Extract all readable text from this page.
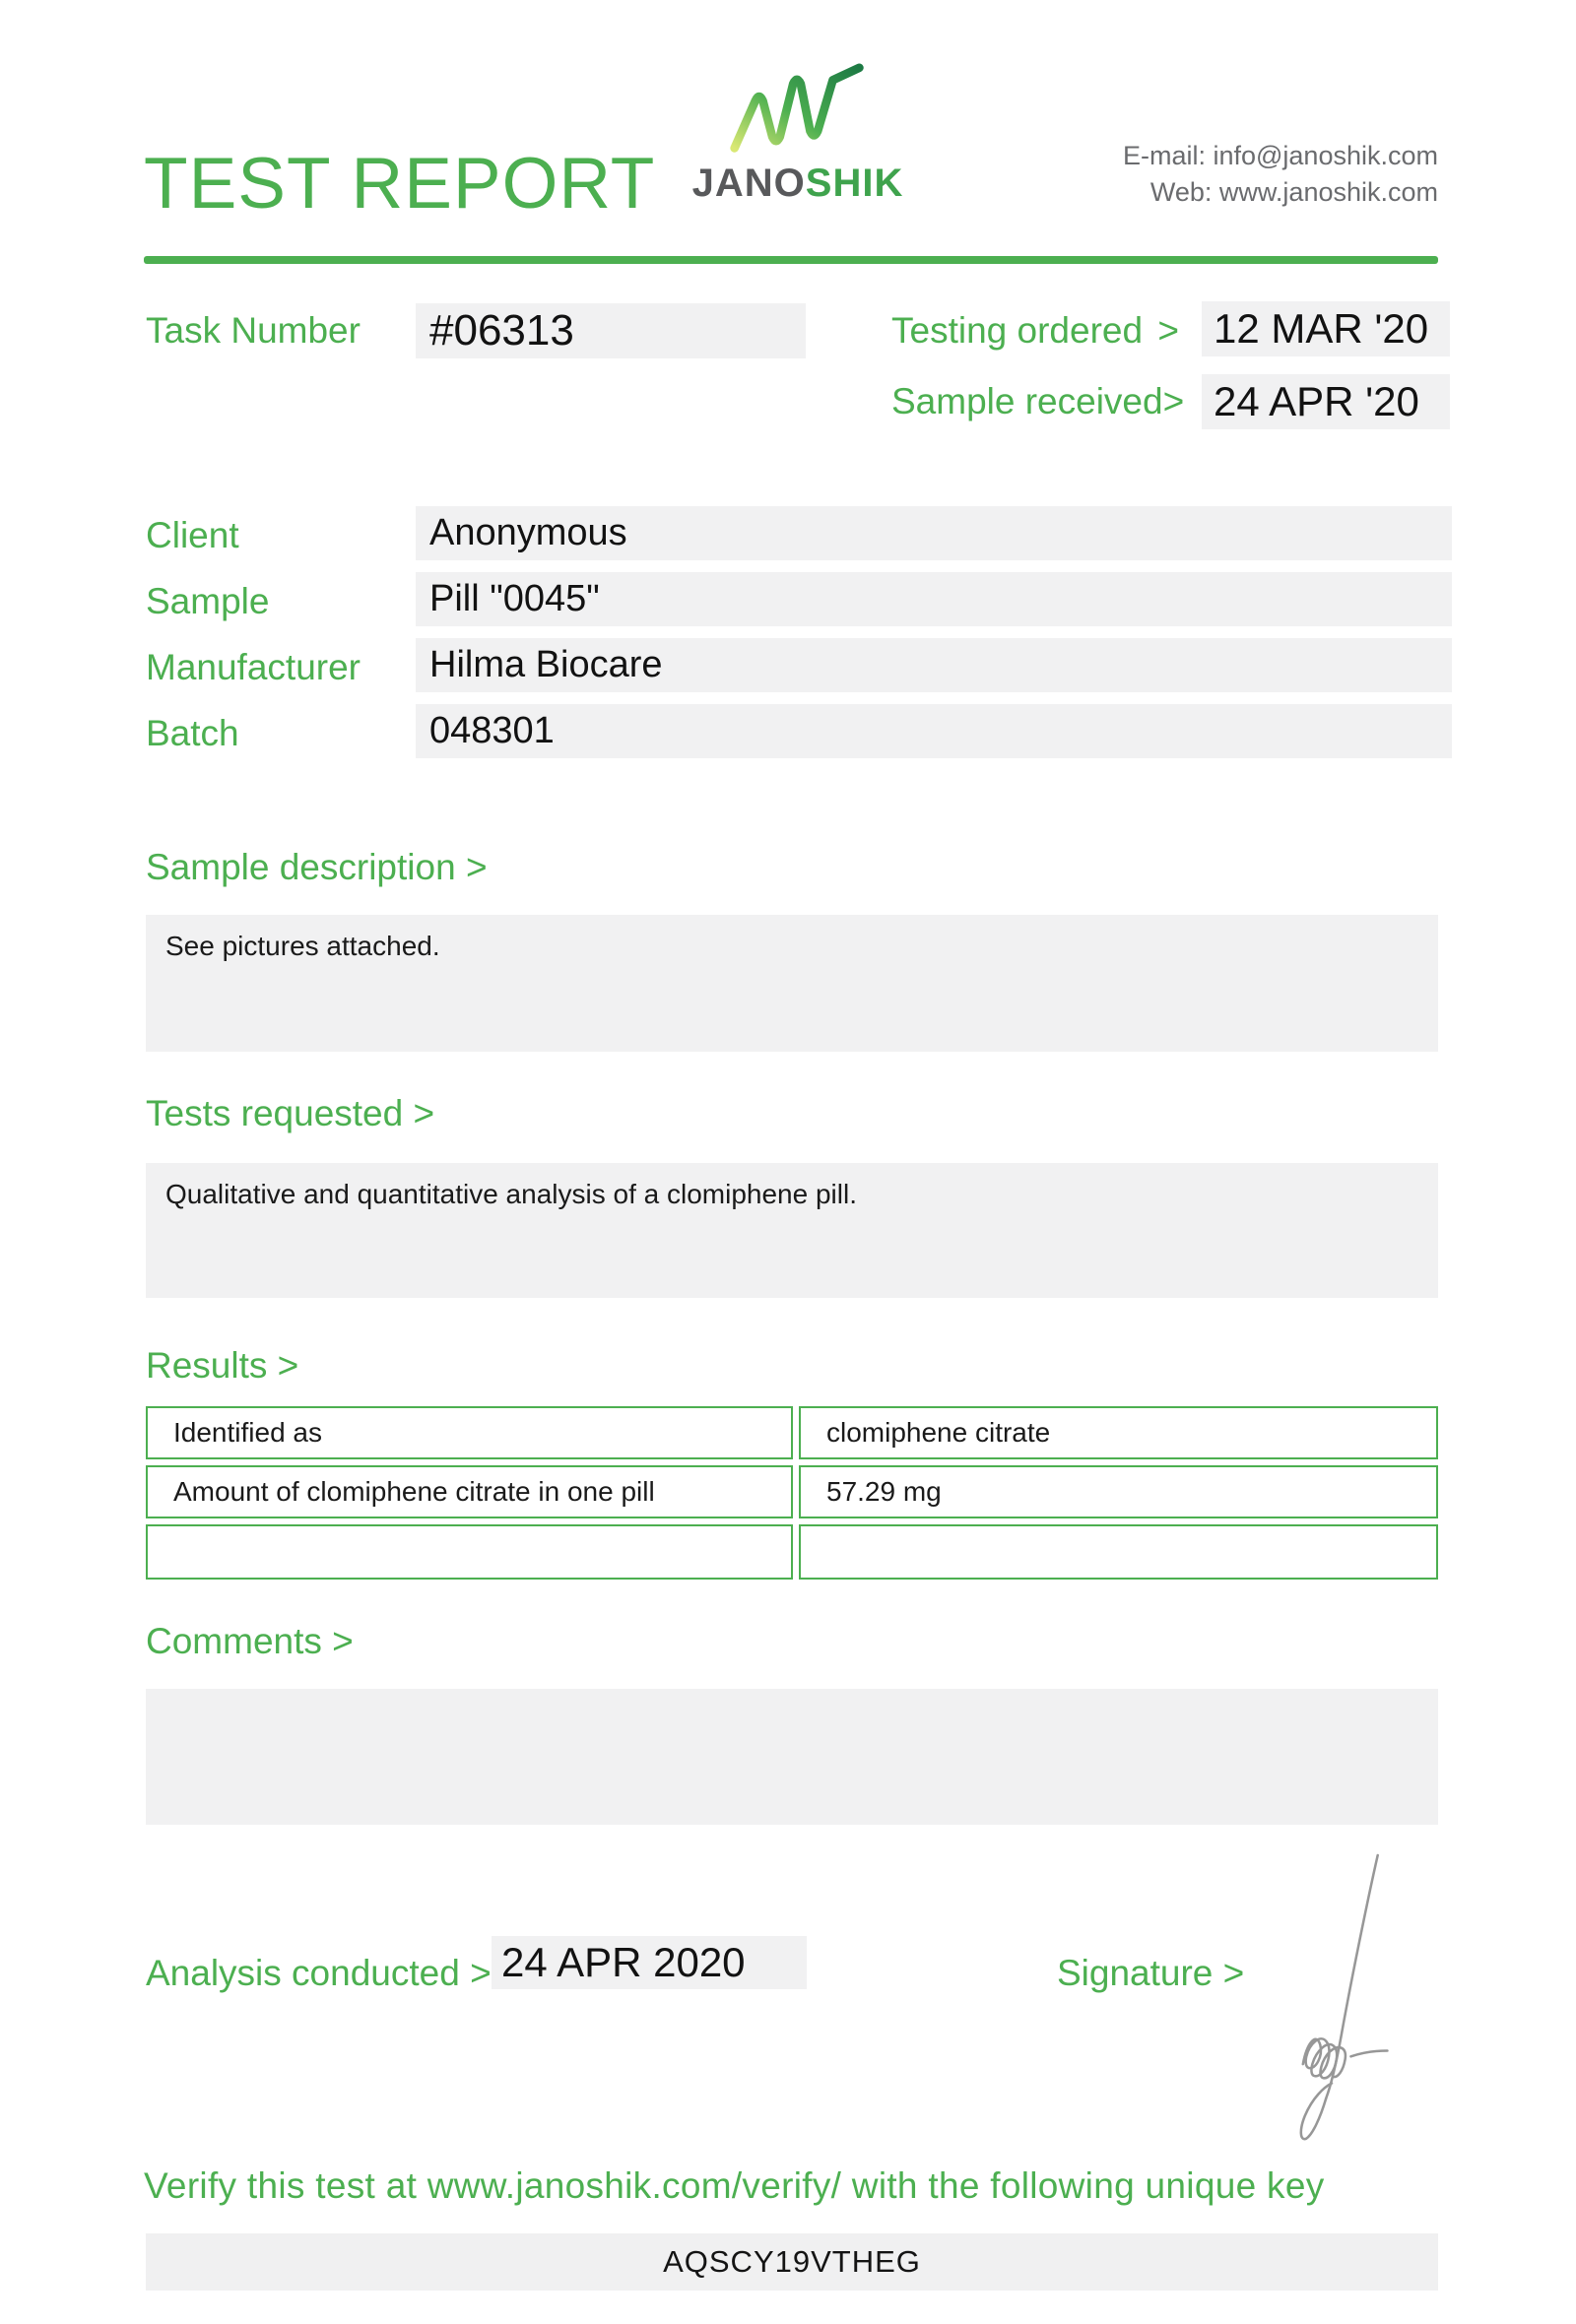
TEST REPORT JANOSHIK
E-mail: info@janoshik.com
Web: www.janoshik.com
Task Number	#06313	Testing ordered > 12 MAR '20
Sample received > 24 APR '20
Client	Anonymous
Sample	Pill "0045"
Manufacturer	Hilma Biocare
Batch	048301
Sample description >
See pictures attached.
Tests requested >
Qualitative and quantitative analysis of a clomiphene pill.
Results >
Identified as	clomiphene citrate
Amount of clomiphene citrate in one pill	57.29 mg
Comments >
Analysis conducted > 24 APR 2020	Signature >
Verify this test at www.janoshik.com/verify/ with the following unique key
AQSCY19VTHEG
